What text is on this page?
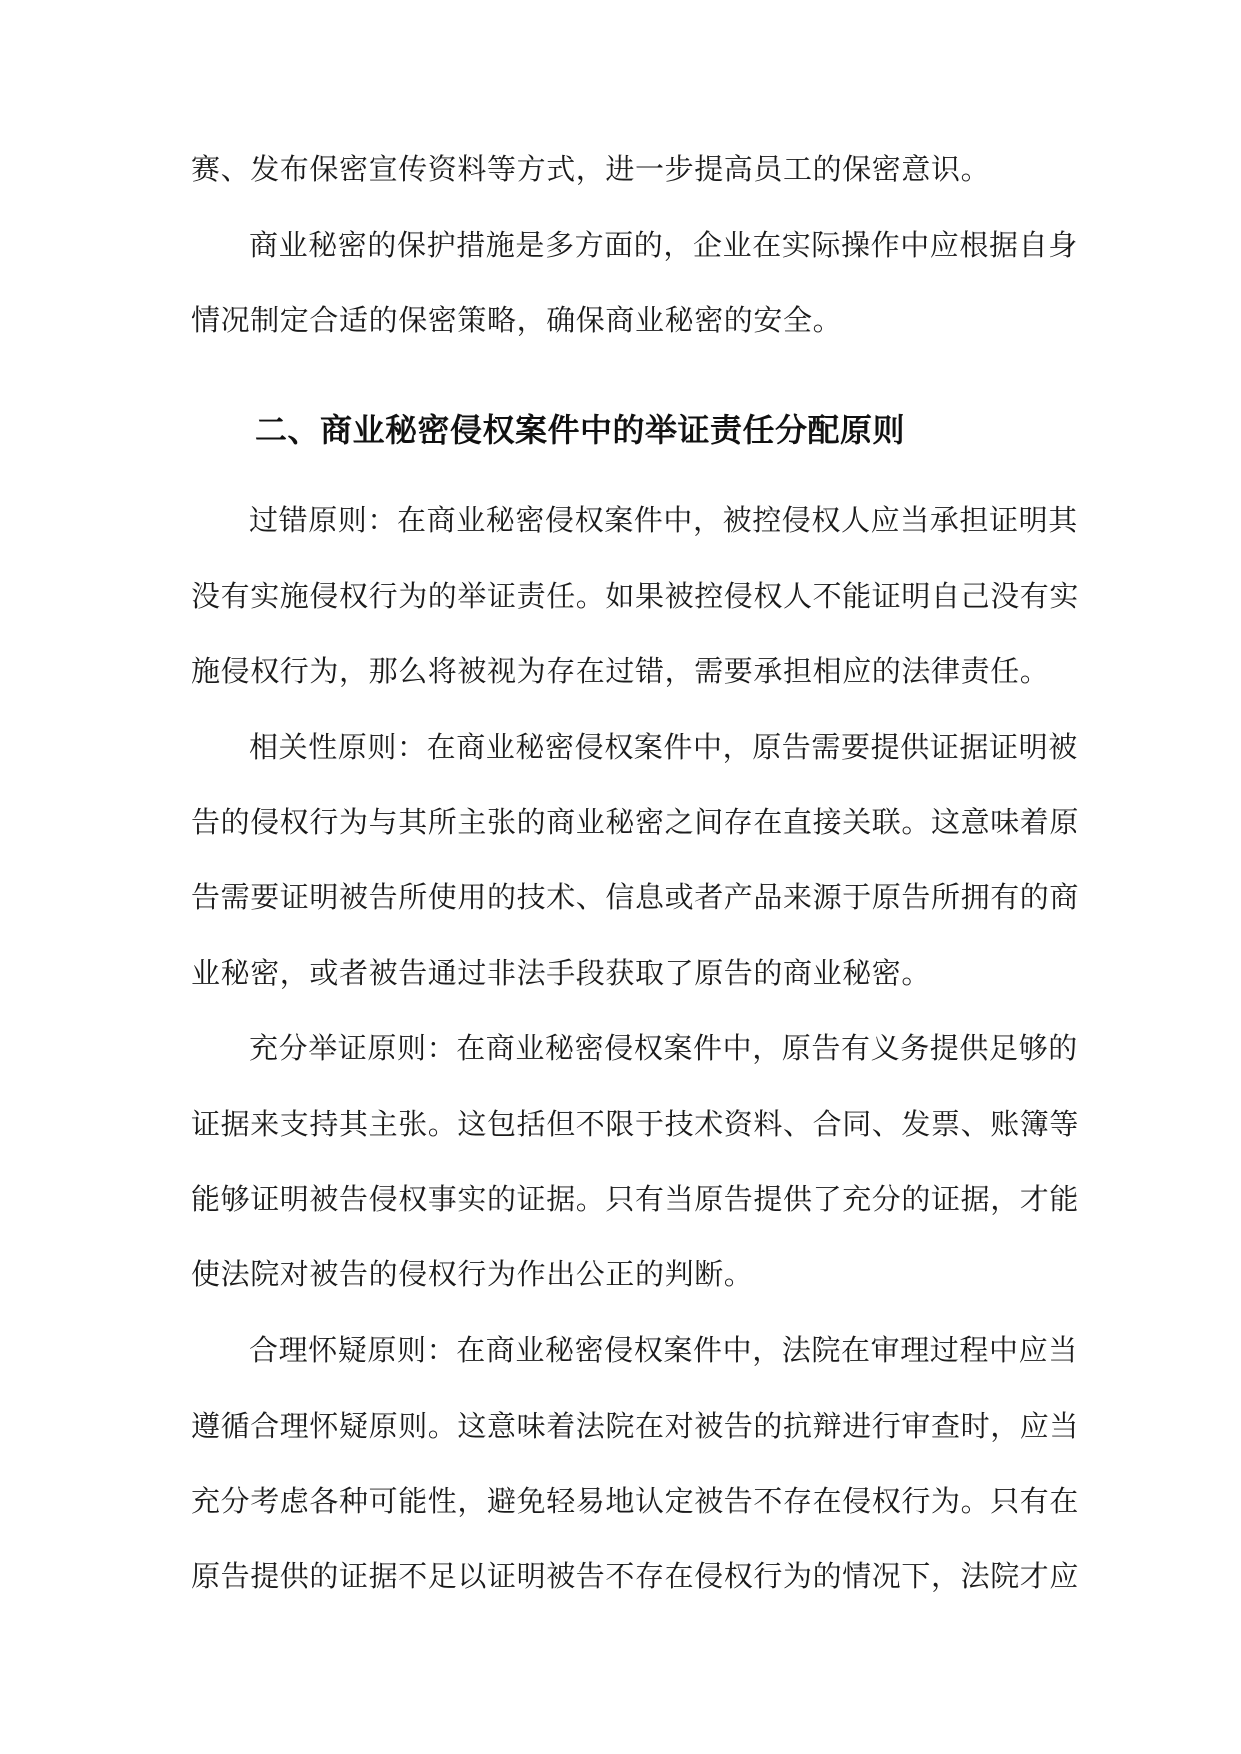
赛、发布保密宣传资料等方式，进一步提高员工的保密意识。
商业秘密的保护措施是多方面的，企业在实际操作中应根据自身
情况制定合适的保密策略，确保商业秘密的安全。
二、商业秘密侵权案件中的举证责任分配原则
过错原则：在商业秘密侵权案件中，被控侵权人应当承担证明其
没有实施侵权行为的举证责任。如果被控侵权人不能证明自己没有实
施侵权行为，那么将被视为存在过错，需要承担相应的法律责任。
相关性原则：在商业秘密侵权案件中，原告需要提供证据证明被
告的侵权行为与其所主张的商业秘密之间存在直接关联。这意味着原
告需要证明被告所使用的技术、信息或者产品来源于原告所拥有的商
业秘密，或者被告通过非法手段获取了原告的商业秘密。
充分举证原则：在商业秘密侵权案件中，原告有义务提供足够的
证据来支持其主张。这包括但不限于技术资料、合同、发票、账簿等
能够证明被告侵权事实的证据。只有当原告提供了充分的证据，才能
使法院对被告的侵权行为作出公正的判断。
合理怀疑原则：在商业秘密侵权案件中，法院在审理过程中应当
遵循合理怀疑原则。这意味着法院在对被告的抗辩进行审查时，应当
充分考虑各种可能性，避免轻易地认定被告不存在侵权行为。只有在
原告提供的证据不足以证明被告不存在侵权行为的情况下，法院才应
